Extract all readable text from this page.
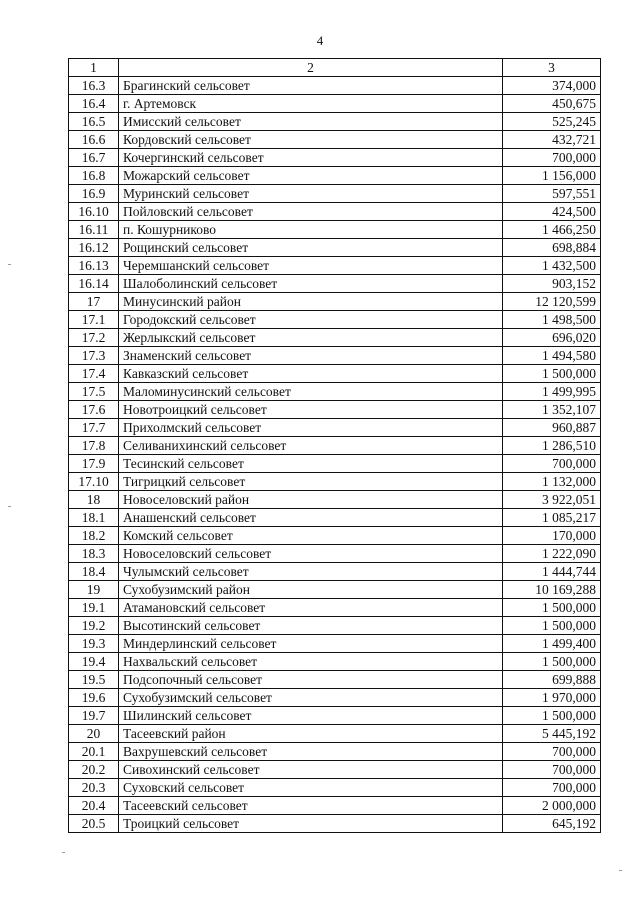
4
1	2	3
16.3	Брагинский сельсовет	374,000
16.4	г. Артемовск	450,675
16.5	Имисский сельсовет	525,245
16.6	Кордовский сельсовет	432,721
16.7	Кочергинский сельсовет	700,000
16.8	Можарский сельсовет	1 156,000
16.9	Муринский сельсовет	597,551
16.10	Пойловский сельсовет	424,500
16.11	п. Кошурниково	1 466,250
16.12	Рощинский сельсовет	698,884
16.13	Черемшанский сельсовет	1 432,500
16.14	Шалоболинский сельсовет	903,152
17	Минусинский район	12 120,599
17.1	Городокский сельсовет	1 498,500
17.2	Жерлыкский сельсовет	696,020
17.3	Знаменский сельсовет	1 494,580
17.4	Кавказский сельсовет	1 500,000
17.5	Маломинусинский сельсовет	1 499,995
17.6	Новотроицкий сельсовет	1 352,107
17.7	Прихолмский сельсовет	960,887
17.8	Селиванихинский сельсовет	1 286,510
17.9	Тесинский сельсовет	700,000
17.10	Тигрицкий сельсовет	1 132,000
18	Новоселовский район	3 922,051
18.1	Анашенский сельсовет	1 085,217
18.2	Комский сельсовет	170,000
18.3	Новоселовский сельсовет	1 222,090
18.4	Чулымский сельсовет	1 444,744
19	Сухобузимский район	10 169,288
19.1	Атамановский сельсовет	1 500,000
19.2	Высотинский сельсовет	1 500,000
19.3	Миндерлинский сельсовет	1 499,400
19.4	Нахвальский сельсовет	1 500,000
19.5	Подсопочный сельсовет	699,888
19.6	Сухобузимский сельсовет	1 970,000
19.7	Шилинский сельсовет	1 500,000
20	Тасеевский район	5 445,192
20.1	Вахрушевский сельсовет	700,000
20.2	Сивохинский сельсовет	700,000
20.3	Суховский сельсовет	700,000
20.4	Тасеевский сельсовет	2 000,000
20.5	Троицкий сельсовет	645,192
